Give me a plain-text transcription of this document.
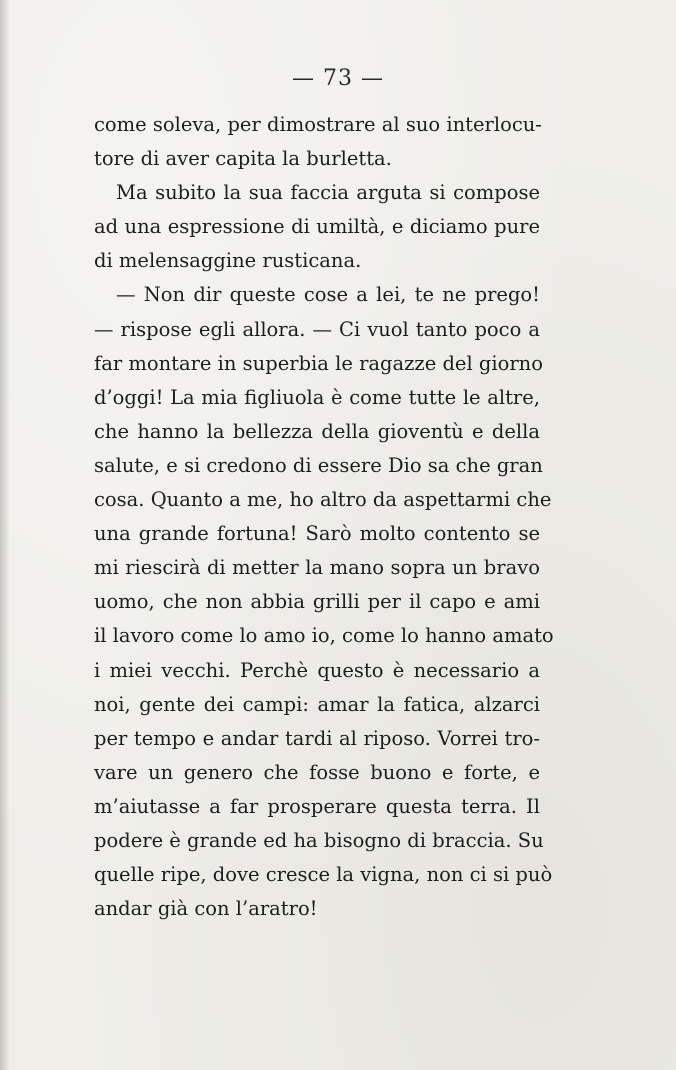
— 73 —

come soleva, per dimostrare al suo interlocu-
tore di aver capita la burletta.

Ma subito la sua faccia arguta si compose
ad una espressione di umiltà, e diciamo pure
di melensaggine rusticana.

— Non dir queste cose a lei, te ne prego!
— rispose egli allora. — Ci vuol tanto poco a
far montare in superbia le ragazze del giorno
d’oggi! La mia figliuola è come tutte le altre,
che hanno la bellezza della gioventù e della
salute, e si credono di essere Dio sa che gran
cosa. Quanto a me, ho altro da aspettarmi che
una grande fortuna! Sarò molto contento se
mi riescirà di metter la mano sopra un bravo
uomo, che non abbia grilli per il capo e ami
il lavoro come lo amo io, come lo hanno amato
i miei vecchi. Perchè questo è necessario a
noi, gente dei campi: amar la fatica, alzarci
per tempo e andar tardi al riposo. Vorrei tro-
vare un genero che fosse buono e forte, e
m’aiutasse a far prosperare questa terra. Il
podere è grande ed ha bisogno di braccia. Su
quelle ripe, dove cresce la vigna, non ci si può
andar già con l’aratro!
